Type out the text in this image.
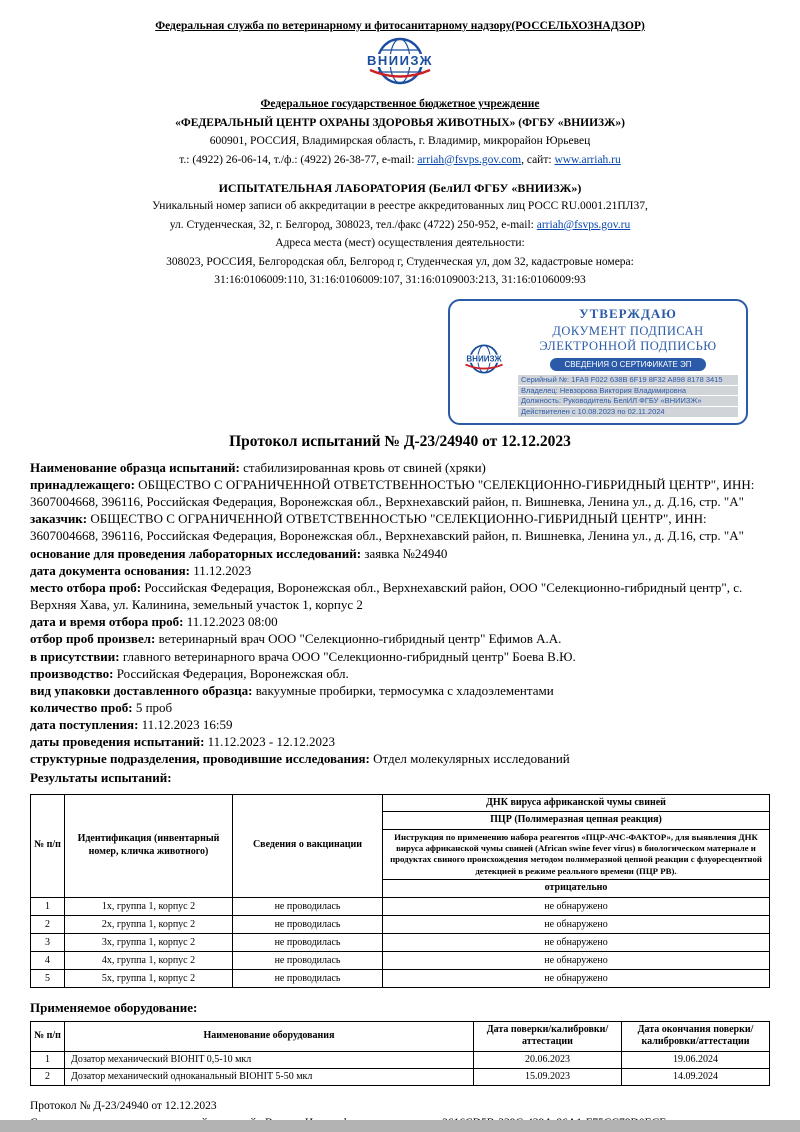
Федеральная служба по ветеринарному и фитосанитарному надзору(РОССЕЛЬХОЗНАДЗОР)

ВНИИЗЖ

Федеральное государственное бюджетное учреждение

«ФЕДЕРАЛЬНЫЙ ЦЕНТР ОХРАНЫ ЗДОРОВЬЯ ЖИВОТНЫХ» (ФГБУ «ВНИИЗЖ»)

600901, РОССИЯ, Владимирская область, г. Владимир, микрорайон Юрьевец

т.: (4922) 26-06-14, т./ф.: (4922) 26-38-77, e-mail: arriah@fsvps.gov.com, сайт: www.arriah.ru

ИСПЫТАТЕЛЬНАЯ ЛАБОРАТОРИЯ (БелИЛ ФГБУ «ВНИИЗЖ»)

Уникальный номер записи об аккредитации в реестре аккредитованных лиц РОСС RU.0001.21ПЛ37,

ул. Студенческая, 32, г. Белгород, 308023, тел./факс (4722) 250-952, e-mail: arriah@fsvps.gov.ru

Адреса места (мест) осуществления деятельности:

308023, РОССИЯ, Белгородская обл, Белгород г, Студенческая ул, дом 32, кадастровые номера:

31:16:0106009:110, 31:16:0106009:107, 31:16:0109003:213, 31:16:0106009:93

ВНИИЗЖ
УТВЕРЖДАЮ
ДОКУМЕНТ ПОДПИСАН
ЭЛЕКТРОННОЙ ПОДПИСЬЮ
СВЕДЕНИЯ О СЕРТИФИКАТЕ ЭП
Серийный №: 1FA9 F022 638B 6F19 8F32 A898 8178 3415
Владелец: Невзорова Виктория Владимировна
Должность: Руководитель БелИЛ ФГБУ «ВНИИЗЖ»
Действителен с 10.08.2023 по 02.11.2024
Протокол испытаний № Д-23/24940 от 12.12.2023

Наименование образца испытаний: стабилизированная кровь от свиней (хряки)

принадлежащего: ОБЩЕСТВО С ОГРАНИЧЕННОЙ ОТВЕТСТВЕННОСТЬЮ "СЕЛЕКЦИОННО-ГИБРИДНЫЙ ЦЕНТР", ИНН: 3607004668, 396116, Российская Федерация, Воронежская обл., Верхнехавский район, п. Вишневка, Ленина ул., д. Д.16, стр. "А"

заказчик: ОБЩЕСТВО С ОГРАНИЧЕННОЙ ОТВЕТСТВЕННОСТЬЮ "СЕЛЕКЦИОННО-ГИБРИДНЫЙ ЦЕНТР", ИНН: 3607004668, 396116, Российская Федерация, Воронежская обл., Верхнехавский район, п. Вишневка, Ленина ул., д. Д.16, стр. "А"

основание для проведения лабораторных исследований: заявка №24940

дата документа основания: 11.12.2023

место отбора проб: Российская Федерация, Воронежская обл., Верхнехавский район, ООО "Селекционно-гибридный центр", с. Верхняя Хава, ул. Калинина, земельный участок 1, корпус 2

дата и время отбора проб: 11.12.2023 08:00

отбор проб произвел: ветеринарный врач ООО "Селекционно-гибридный центр" Ефимов А.А.

в присутствии: главного ветеринарного врача ООО "Селекционно-гибридный центр" Боева В.Ю.

производство: Российская Федерация, Воронежская обл.

вид упаковки доставленного образца: вакуумные пробирки, термосумка с хладоэлементами

количество проб: 5 проб

дата поступления: 11.12.2023 16:59

даты проведения испытаний: 11.12.2023 - 12.12.2023

структурные подразделения, проводившие исследования: Отдел молекулярных исследований

Результаты испытаний:

№ п/п	Идентификация (инвентарный номер, кличка животного)	Сведения о вакцинации	ДНК вируса африканской чумы свиней
			ПЦР (Полимеразная цепная реакция)
			Инструкция по применению набора реагентов «ПЦР-АЧС-ФАКТОР», для выявления ДНК вируса африканской чумы свиней (African swine fever virus) в биологическом материале и продуктах свиного происхождения методом полимеразной цепной реакции с флуоресцентной детекцией в режиме реального времени (ПЦР РВ).
			отрицательно
1	1х, группа 1, корпус 2	не проводилась	не обнаружено
2	2х, группа 1, корпус 2	не проводилась	не обнаружено
3	3х, группа 1, корпус 2	не проводилась	не обнаружено
4	4х, группа 1, корпус 2	не проводилась	не обнаружено
5	5х, группа 1, корпус 2	не проводилась	не обнаружено

Применяемое оборудование:

№ п/п	Наименование оборудования	Дата поверки/калибровки/аттестации	Дата окончания поверки/калибровки/аттестации
1	Дозатор механический BIOHIT 0,5-10 мкл	20.06.2023	19.06.2024
2	Дозатор механический одноканальный BIOHIT 5-50 мкл	15.09.2023	14.09.2024

Протокол № Д-23/24940 от 12.12.2023
